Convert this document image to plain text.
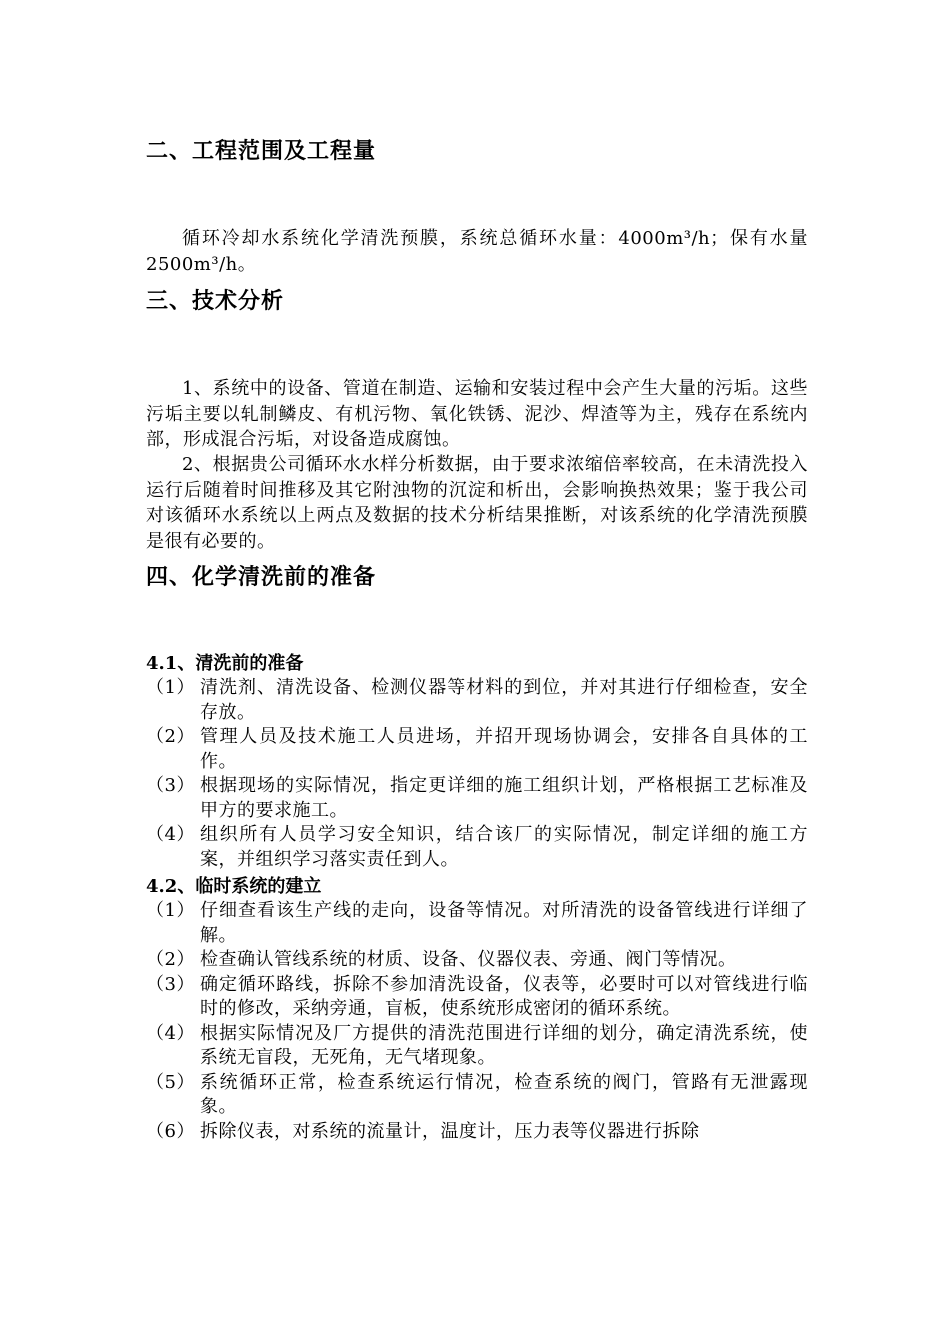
二、工程范围及工程量
循环冷却水系统化学清洗预膜，系统总循环水量：4000m³/h；保有水量2500m³/h。
三、技术分析
1、系统中的设备、管道在制造、运输和安装过程中会产生大量的污垢。这些污垢主要以轧制鳞皮、有机污物、氧化铁锈、泥沙、焊渣等为主，残存在系统内部，形成混合污垢，对设备造成腐蚀。
2、根据贵公司循环水水样分析数据，由于要求浓缩倍率较高，在未清洗投入运行后随着时间推移及其它附浊物的沉淀和析出，会影响换热效果；鉴于我公司对该循环水系统以上两点及数据的技术分析结果推断，对该系统的化学清洗预膜是很有必要的。
四、化学清洗前的准备
4.1、清洗前的准备
（1） 清洗剂、清洗设备、检测仪器等材料的到位，并对其进行仔细检查，安全存放。
（2） 管理人员及技术施工人员进场，并招开现场协调会，安排各自具体的工作。
（3） 根据现场的实际情况，指定更详细的施工组织计划，严格根据工艺标准及甲方的要求施工。
（4） 组织所有人员学习安全知识，结合该厂的实际情况，制定详细的施工方案，并组织学习落实责任到人。
4.2、临时系统的建立
（1） 仔细查看该生产线的走向，设备等情况。对所清洗的设备管线进行详细了解。
（2） 检查确认管线系统的材质、设备、仪器仪表、旁通、阀门等情况。
（3） 确定循环路线，拆除不参加清洗设备，仪表等，必要时可以对管线进行临时的修改，采纳旁通，盲板，使系统形成密闭的循环系统。
（4） 根据实际情况及厂方提供的清洗范围进行详细的划分，确定清洗系统，使系统无盲段，无死角，无气堵现象。
（5） 系统循环正常，检查系统运行情况，检查系统的阀门，管路有无泄露现象。
（6） 拆除仪表，对系统的流量计，温度计，压力表等仪器进行拆除
